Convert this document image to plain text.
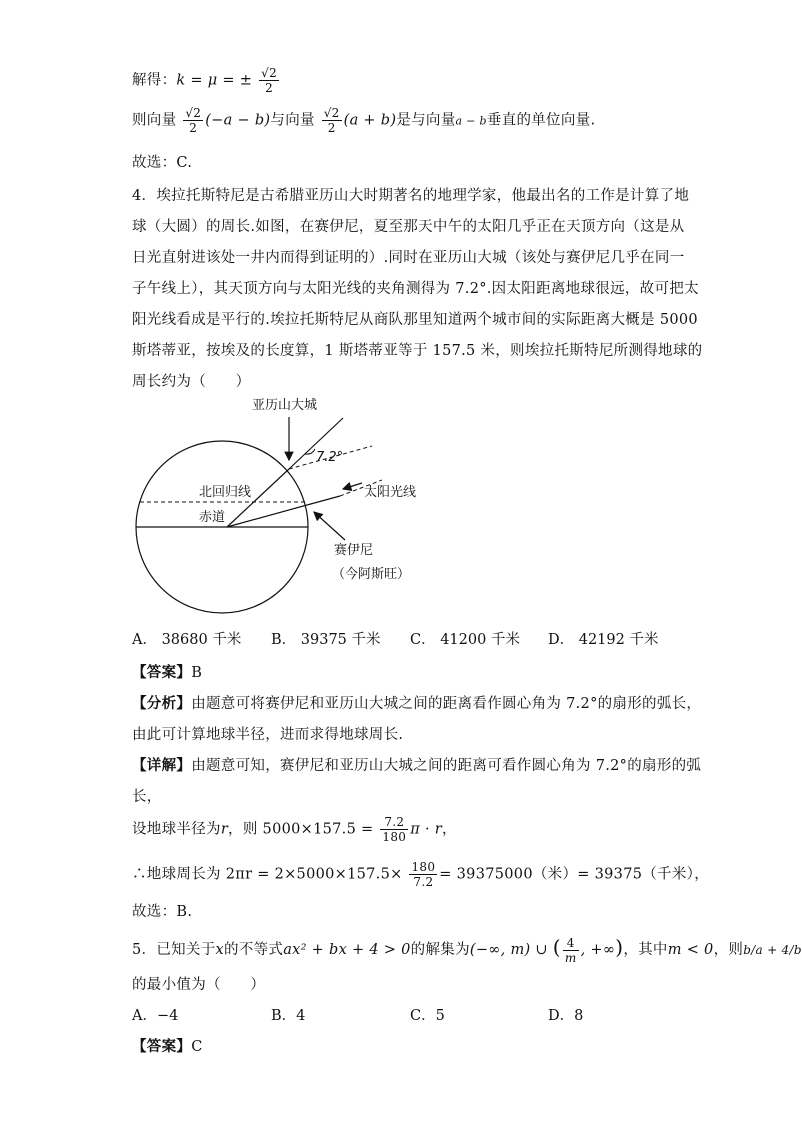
解得：k = μ = ± $\frac{√2}{2}$
则向量 $\frac{√2}{2} (-a - b)$与向量 $\frac{√2}{2} (a + b)$是与向量a − b垂直的单位向量.
故选：C.
4．埃拉托斯特尼是古希腊亚历山大时期著名的地理学家，他最出名的工作是计算了地
球（大圆）的周长.如图，在赛伊尼，夏至那天中午的太阳几乎正在天顶方向（这是从
日光直射进该处一井内而得到证明的）.同时在亚历山大城（该处与赛伊尼几乎在同一
子午线上），其天顶方向与太阳光线的夹角测得为 7.2°.因太阳距离地球很远，故可把太
阳光线看成是平行的.埃拉托斯特尼从商队那里知道两个城市间的实际距离大概是 5000
斯塔蒂亚，按埃及的长度算，1 斯塔蒂亚等于 157.5 米，则埃拉托斯特尼所测得地球的
周长约为（　　）
亚历山大城
7.2°
北回归线	太阳光线
赤道
赛伊尼
（今阿斯旺）
A． 38680 千米 B． 39375 千米 C． 41200 千米 D． 42192 千米
【答案】B
【分析】由题意可将赛伊尼和亚历山大城之间的距离看作圆心角为 7.2°的扇形的弧长，
由此可计算地球半径，进而求得地球周长.
【详解】由题意可知，赛伊尼和亚历山大城之间的距离可看作圆心角为 7.2°的扇形的弧
长，
设地球半径为r，则 $5000\times 157.5 = \frac{7.2}{180}$ π · r，
∴地球周长为 $2\pi r = 2\times 5000\times 157.5\times \frac{180}{7.2} = 39375000$（米）= 39375（千米），
故选：B.
5．已知关于x的不等式ax² + bx + 4 > 0的解集为(−∞, m) ∪ ( $\frac{4}{m}$ , +∞)，其中m < 0，则b/a + 4/b
的最小值为（　　）
A．−4	B．4	C．5	D．8
【答案】C
